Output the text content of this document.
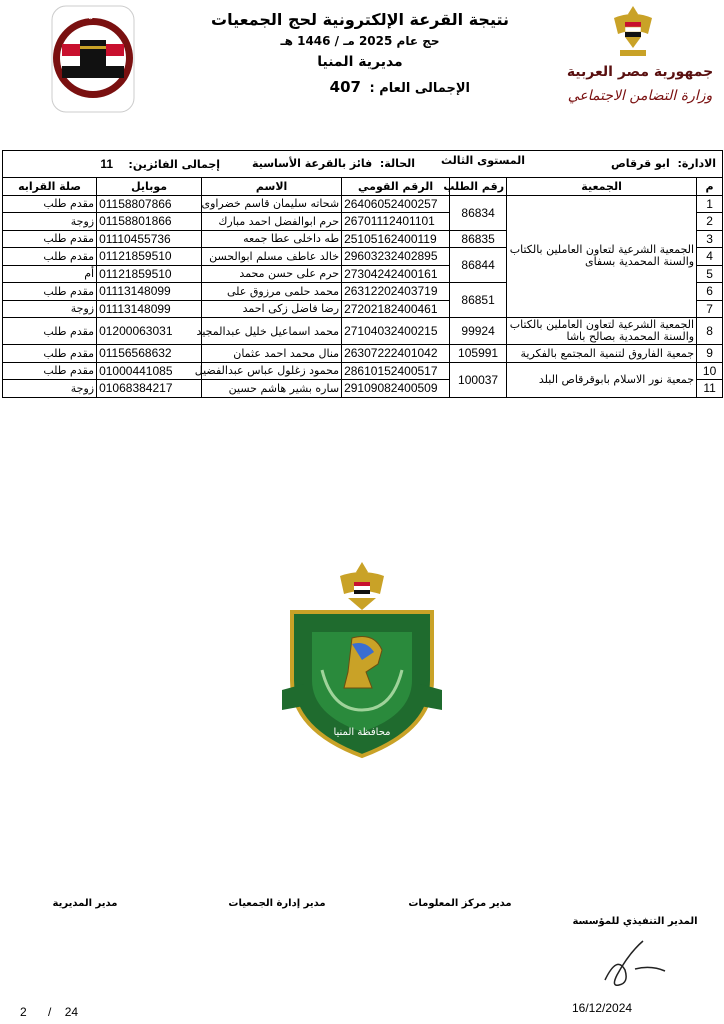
وزارة التضامن الاجتماعي	نتيجة القرعة الإلكترونية لحج الجمعيات
حج عام 2025 مـ / 1446 هـ
مديرية المنيا
الإجمالى العام : 407
جمهورية مصر العربية
وزارة التضامن الاجتماعي
الادارة:  ابو قرقاص
المستوى الثالث
الحالة:  فائز بالقرعة الأساسية
إجمالى الفائزين:    11						

م	الجمعية	رقم الطلب	الرقم القومي	الاسم	موبايل	صلة القرابه
1	الجمعية الشرعية لتعاون العاملين بالكتاب والسنة المحمدية بسفاى	86834	26406052400257	شحاته سليمان قاسم خضراوى	01158807866	مقدم طلب
2			26701112401101	حرم ابوالفضل احمد مبارك	01158801866	زوجة
3		86835	25105162400119	طه داخلى عطا جمعه	01110455736	مقدم طلب
4		86844	29603232402895	خالد عاطف مسلم ابوالحسن	01121859510	مقدم طلب
5			27304242400161	حرم على حسن محمد	01121859510	أم
6		86851	26312202403719	محمد حلمى مرزوق على	01113148099	مقدم طلب
7			27202182400461	رضا فاضل زكى احمد	01113148099	زوجة
8	الجمعية الشرعية لتعاون العاملين بالكتاب والسنة المحمدية بصالح باشا	99924	27104032400215	محمد اسماعيل خليل عبدالمجيد	01200063031	مقدم طلب
9	جمعية الفاروق لتنمية المجتمع بالفكرية	105991	26307222401042	منال محمد احمد عثمان	01156568632	مقدم طلب
10	جمعية نور الاسلام بابوقرقاص البلد	100037	28610152400517	محمود زغلول عباس عبدالفضيل	01000441085	مقدم طلب
11			29109082400509	ساره بشير هاشم حسين	01068384217	زوجة
محافظة المنيا
مدير المديرية	مدير إدارة الجمعيات	مدير مركز المعلومات
المدير التنفيذي للمؤسسة
16/12/2024
2 / 24
